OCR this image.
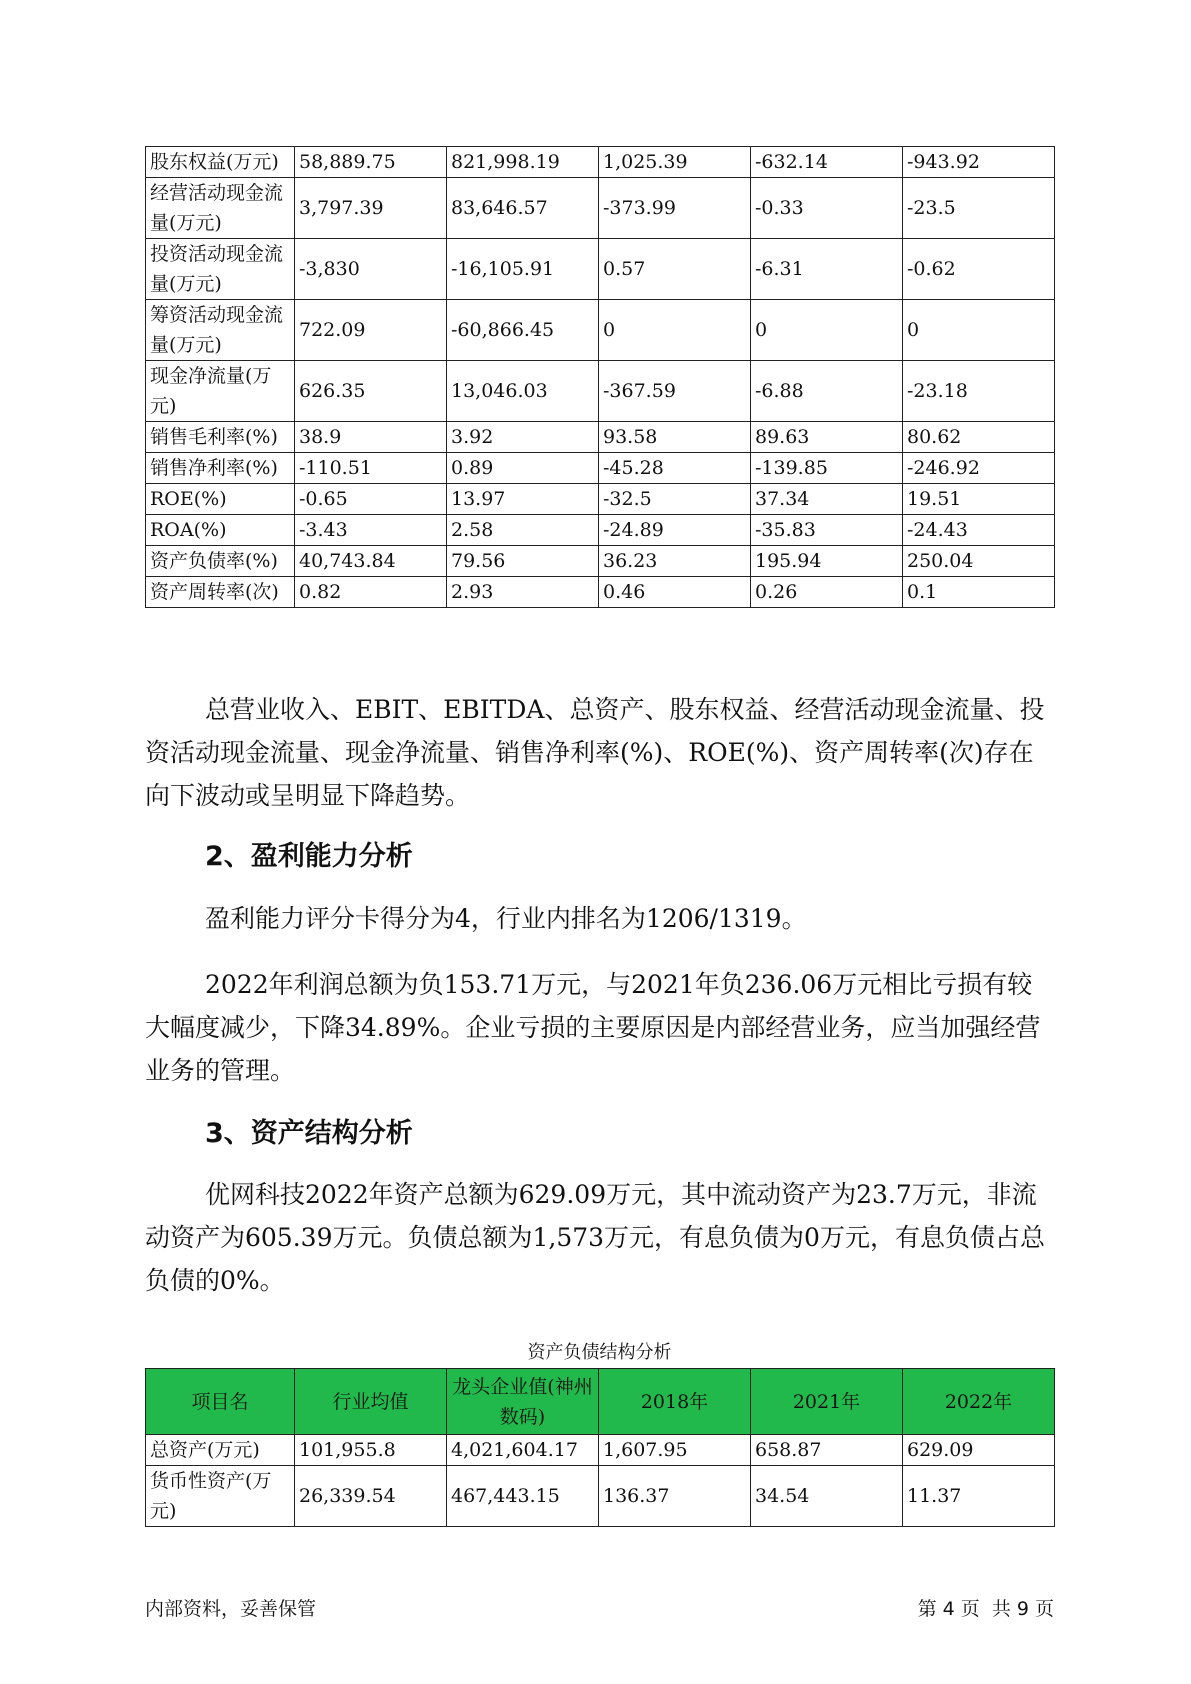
股东权益(万元)	58,889.75	821,998.19	1,025.39	-632.14	-943.92
经营活动现金流量(万元)	3,797.39	83,646.57	-373.99	-0.33	-23.5
投资活动现金流量(万元)	-3,830	-16,105.91	0.57	-6.31	-0.62
筹资活动现金流量(万元)	722.09	-60,866.45	0	0	0
现金净流量(万元)	626.35	13,046.03	-367.59	-6.88	-23.18
销售毛利率(%)	38.9	3.92	93.58	89.63	80.62
销售净利率(%)	-110.51	0.89	-45.28	-139.85	-246.92
ROE(%)	-0.65	13.97	-32.5	37.34	19.51
ROA(%)	-3.43	2.58	-24.89	-35.83	-24.43
资产负债率(%)	40,743.84	79.56	36.23	195.94	250.04
资产周转率(次)	0.82	2.93	0.46	0.26	0.1
总营业收入、EBIT、EBITDA、总资产、股东权益、经营活动现金流量、投资活动现金流量、现金净流量、销售净利率(%)、ROE(%)、资产周转率(次)存在向下波动或呈明显下降趋势。
2、盈利能力分析
盈利能力评分卡得分为4，行业内排名为1206/1319。
2022年利润总额为负153.71万元，与2021年负236.06万元相比亏损有较大幅度减少，下降34.89%。企业亏损的主要原因是内部经营业务，应当加强经营业务的管理。
3、资产结构分析
优网科技2022年资产总额为629.09万元，其中流动资产为23.7万元，非流动资产为605.39万元。负债总额为1,573万元，有息负债为0万元，有息负债占总负债的0%。
资产负债结构分析
项目名	行业均值	龙头企业值(神州数码)	2018年	2021年	2022年
总资产(万元)	101,955.8	4,021,604.17	1,607.95	658.87	629.09
货币性资产(万元)	26,339.54	467,443.15	136.37	34.54	11.37
内部资料，妥善保管	第 4 页  共 9 页
